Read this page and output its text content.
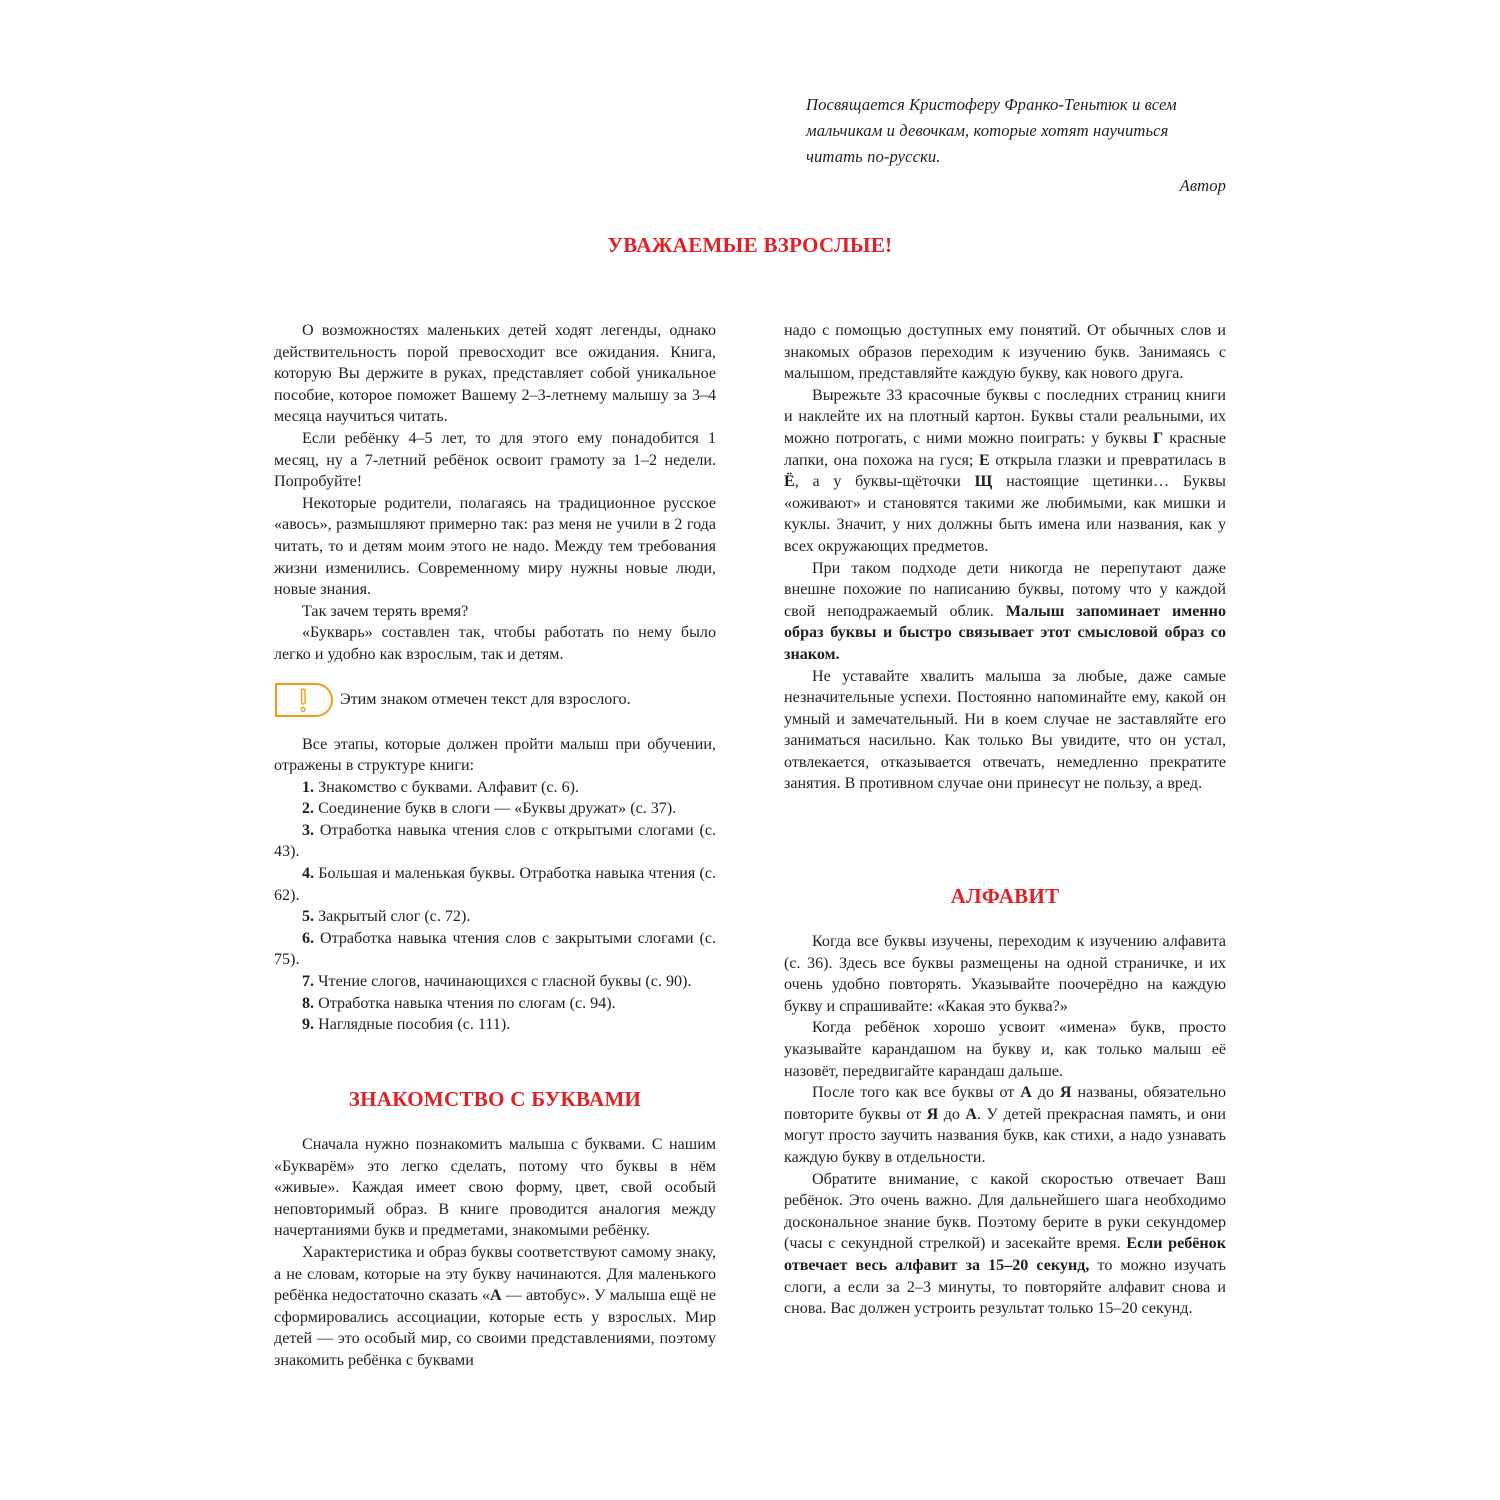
Посвящается Кристоферу Франко-Теньтюк и всем мальчикам и девочкам, которые хотят научиться читать по-русски.
Автор
УВАЖАЕМЫЕ ВЗРОСЛЫЕ!

О возможностях маленьких детей ходят легенды, однако действительность порой превосходит все ожидания. Книга, которую Вы держите в руках, представляет собой уникальное пособие, которое поможет Вашему 2–3-летнему малышу за 3–4 месяца научиться читать.

Если ребёнку 4–5 лет, то для этого ему понадобится 1 месяц, ну а 7-летний ребёнок освоит грамоту за 1–2 недели. Попробуйте!

Некоторые родители, полагаясь на традиционное русское «авось», размышляют примерно так: раз меня не учили в 2 года читать, то и детям моим этого не надо. Между тем требования жизни изменились. Современному миру нужны новые люди, новые знания.

Так зачем терять время?

«Букварь» составлен так, чтобы работать по нему было легко и удобно как взрослым, так и детям.

Этим знаком отмечен текст для взрослого.

Все этапы, которые должен пройти малыш при обучении, отражены в структуре книги:

1. Знакомство с буквами. Алфавит (с. 6).

2. Соединение букв в слоги — «Буквы дружат» (с. 37).

3. Отработка навыка чтения слов с открытыми слогами (с. 43).

4. Большая и маленькая буквы. Отработка навыка чтения (с. 62).

5. Закрытый слог (с. 72).

6. Отработка навыка чтения слов с закрытыми слогами (с. 75).

7. Чтение слогов, начинающихся с гласной буквы (с. 90).

8. Отработка навыка чтения по слогам (с. 94).

9. Наглядные пособия (с. 111).

ЗНАКОМСТВО С БУКВАМИ

Сначала нужно познакомить малыша с буквами. С нашим «Букварём» это легко сделать, потому что буквы в нём «живые». Каждая имеет свою форму, цвет, свой особый неповторимый образ. В книге проводится аналогия между начертаниями букв и предметами, знакомыми ребёнку.

Характеристика и образ буквы соответствуют самому знаку, а не словам, которые на эту букву начинаются. Для маленького ребёнка недостаточно сказать «А — автобус». У малыша ещё не сформировались ассоциации, которые есть у взрослых. Мир детей — это особый мир, со своими представлениями, поэтому знакомить ребёнка с буквами

надо с помощью доступных ему понятий. От обычных слов и знакомых образов переходим к изучению букв. Занимаясь с малышом, представляйте каждую букву, как нового друга.

Вырежьте 33 красочные буквы с последних страниц книги и наклейте их на плотный картон. Буквы стали реальными, их можно потрогать, с ними можно поиграть: у буквы Г красные лапки, она похожа на гуся; Е открыла глазки и превратилась в Ё, а у буквы-щёточки Щ настоящие щетинки… Буквы «оживают» и становятся такими же любимыми, как мишки и куклы. Значит, у них должны быть имена или названия, как у всех окружающих предметов.

При таком подходе дети никогда не перепутают даже внешне похожие по написанию буквы, потому что у каждой свой неподражаемый облик. Малыш запоминает именно образ буквы и быстро связывает этот смысловой образ со знаком.

Не уставайте хвалить малыша за любые, даже самые незначительные успехи. Постоянно напоминайте ему, какой он умный и замечательный. Ни в коем случае не заставляйте его заниматься насильно. Как только Вы увидите, что он устал, отвлекается, отказывается отвечать, немедленно прекратите занятия. В противном случае они принесут не пользу, а вред.

АЛФАВИТ

Когда все буквы изучены, переходим к изучению алфавита (с. 36). Здесь все буквы размещены на одной страничке, и их очень удобно повторять. Указывайте поочерёдно на каждую букву и спрашивайте: «Какая это буква?»

Когда ребёнок хорошо усвоит «имена» букв, просто указывайте карандашом на букву и, как только малыш её назовёт, передвигайте карандаш дальше.

После того как все буквы от А до Я названы, обязательно повторите буквы от Я до А. У детей прекрасная память, и они могут просто заучить названия букв, как стихи, а надо узнавать каждую букву в отдельности.

Обратите внимание, с какой скоростью отвечает Ваш ребёнок. Это очень важно. Для дальнейшего шага необходимо доскональное знание букв. Поэтому берите в руки секундомер (часы с секундной стрелкой) и засекайте время. Если ребёнок отвечает весь алфавит за 15–20 секунд, то можно изучать слоги, а если за 2–3 минуты, то повторяйте алфавит снова и снова. Вас должен устроить результат только 15–20 секунд.
